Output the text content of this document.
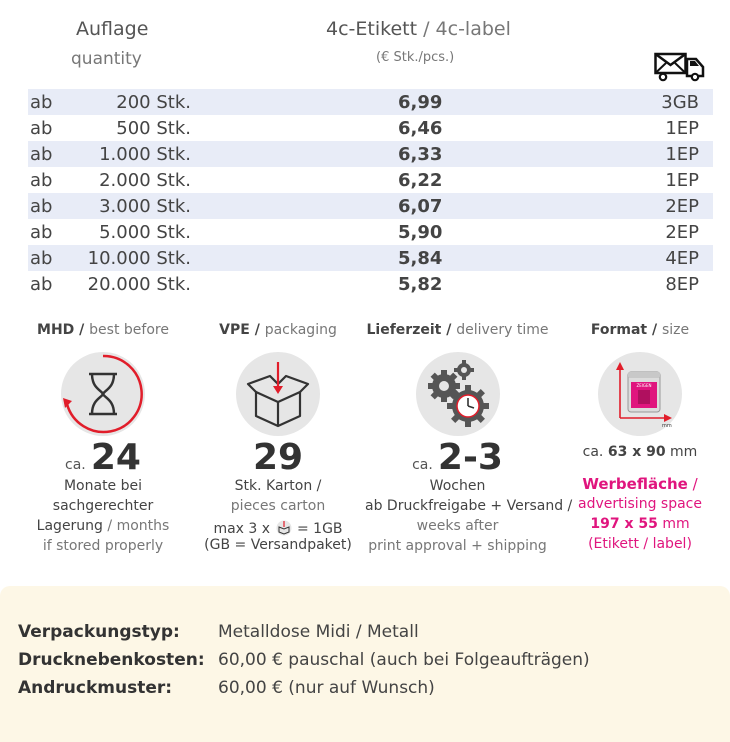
Auflage
quantity
4c-Etikett / 4c-label
(€ Stk./pcs.)
ab	200 Stk.	6,99	3GB
ab	500 Stk.	6,46	1EP
ab	1.000 Stk.	6,33	1EP
ab	2.000 Stk.	6,22	1EP
ab	3.000 Stk.	6,07	2EP
ab	5.000 Stk.	5,90	2EP
ab 10.000 Stk.	5,84	4EP
ab 20.000 Stk.	5,82	8EP
MHD / best before
ca. 24
Monate bei
sachgerechter
Lagerung / months
if stored properly
VPE / packaging
29
Stk. Karton /
pieces carton
max 3 x = 1GB
(GB = Versandpaket)
Lieferzeit / delivery time
ca. 2-3
Wochen
ab Druckfreigabe + Versand /
weeks after
print approval + shipping
Format / size
ZEIGEN
mm
ca. 63 x 90 mm
Werbefläche /
advertising space
197 x 55 mm
(Etikett / label)
Verpackungstyp: Metalldose Midi / Metall
Drucknebenkosten: 60,00 € pauschal (auch bei Folgeaufträgen)
Andruckmuster:	60,00 € (nur auf Wunsch)
